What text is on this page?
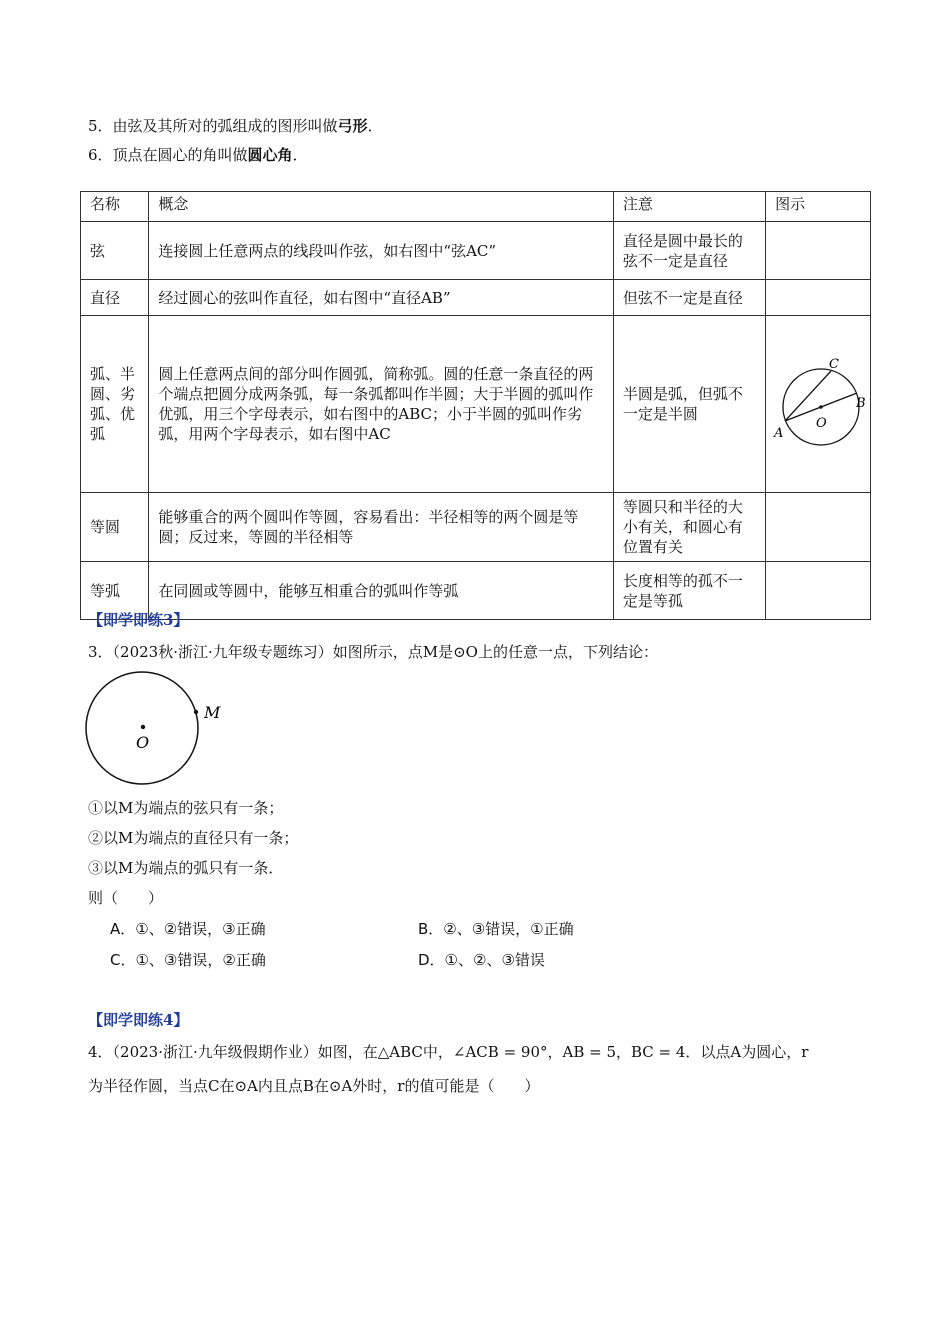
5．由弦及其所对的弧组成的图形叫做弓形．
6．顶点在圆心的角叫做圆心角．
名称	概念	注意	图示
弦	连接圆上任意两点的线段叫作弦，如右图中“弦AC”	直径是圆中最长的弦不一定是直径	
直径	经过圆心的弦叫作直径，如右图中“直径AB”	但弦不一定是直径	
弧、半圆、劣弧、优弧	圆上任意两点间的部分叫作圆弧，简称弧。圆的任意一条直径的两个端点把圆分成两条弧，每一条弧都叫作半圆；大于半圆的弧叫作优弧，用三个字母表示，如右图中的ABC；小于半圆的弧叫作劣弧，用两个字母表示，如右图中AC	半圆是弧，但弧不一定是半圆	A
B
C
O

等圆	能够重合的两个圆叫作等圆，容易看出：半径相等的两个圆是等圆；反过来，等圆的半径相等	等圆只和半径的大小有关，和圆心有位置有关	
等弧	在同圆或等圆中，能够互相重合的弧叫作等弧	长度相等的孤不一定是等孤	
【即学即练3】
3．（2023秋·浙江·九年级专题练习）如图所示，点M是⊙O上的任意一点，下列结论：
M
O
①以M为端点的弦只有一条；
②以M为端点的直径只有一条；
③以M为端点的弧只有一条．
则（　　）
A．①、②错误，③正确	B．②、③错误，①正确
C．①、③错误，②正确	D．①、②、③错误
【即学即练4】
4．（2023·浙江·九年级假期作业）如图，在△ABC中，∠ACB = 90°，AB = 5，BC = 4．以点A为圆心，r
为半径作圆，当点C在⊙A内且点B在⊙A外时，r的值可能是（　　）
